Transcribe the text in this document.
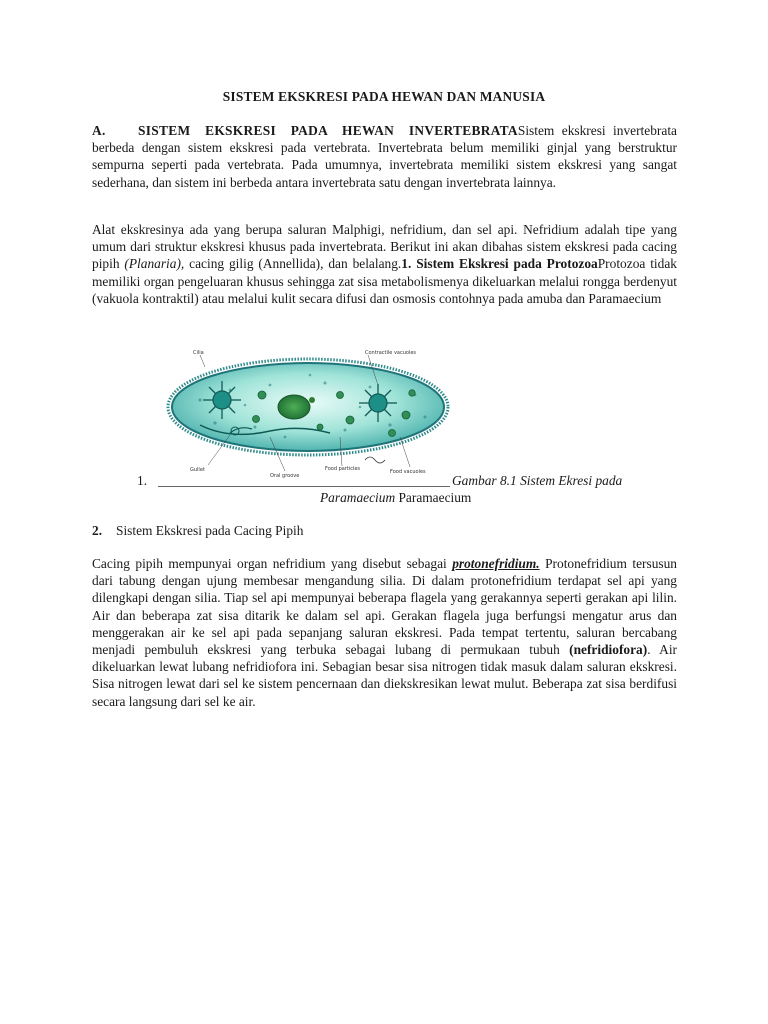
SISTEM EKSKRESI PADA HEWAN DAN MANUSIA
A. SISTEM EKSKRESI PADA HEWAN INVERTEBRATASistem ekskresi invertebrata berbeda dengan sistem ekskresi pada vertebrata. Invertebrata belum memiliki ginjal yang berstruktur sempurna seperti pada vertebrata. Pada umumnya, invertebrata memiliki sistem ekskresi yang sangat sederhana, dan sistem ini berbeda antara invertebrata satu dengan invertebrata lainnya.
Alat ekskresinya ada yang berupa saluran Malphigi, nefridium, dan sel api. Nefridium adalah tipe yang umum dari struktur ekskresi khusus pada invertebrata. Berikut ini akan dibahas sistem ekskresi pada cacing pipih (Planaria), cacing gilig (Annellida), dan belalang.1. Sistem Ekskresi pada ProtozoaProtozoa tidak memiliki organ pengeluaran khusus sehingga zat sisa metabolismenya dikeluarkan melalui rongga berdenyut (vakuola kontraktil) atau melalui kulit secara difusi dan osmosis contohnya pada amuba dan Paramaecium
Cilia	Contractile vacuoles
Gullet
Oral groove
Food particles	Food vacuoles
1.	Gambar 8.1 Sistem Ekresi pada
Paramaecium Paramaecium
2. Sistem Ekskresi pada Cacing Pipih
Cacing pipih mempunyai organ nefridium yang disebut sebagai protonefridium. Protonefridium tersusun dari tabung dengan ujung membesar mengandung silia. Di dalam protonefridium terdapat sel api yang dilengkapi dengan silia. Tiap sel api mempunyai beberapa flagela yang gerakannya seperti gerakan api lilin. Air dan beberapa zat sisa ditarik ke dalam sel api. Gerakan flagela juga berfungsi mengatur arus dan menggerakan air ke sel api pada sepanjang saluran ekskresi. Pada tempat tertentu, saluran bercabang menjadi pembuluh ekskresi yang terbuka sebagai lubang di permukaan tubuh (nefridiofora). Air dikeluarkan lewat lubang nefridiofora ini. Sebagian besar sisa nitrogen tidak masuk dalam saluran ekskresi. Sisa nitrogen lewat dari sel ke sistem pencernaan dan diekskresikan lewat mulut. Beberapa zat sisa berdifusi secara langsung dari sel ke air.
